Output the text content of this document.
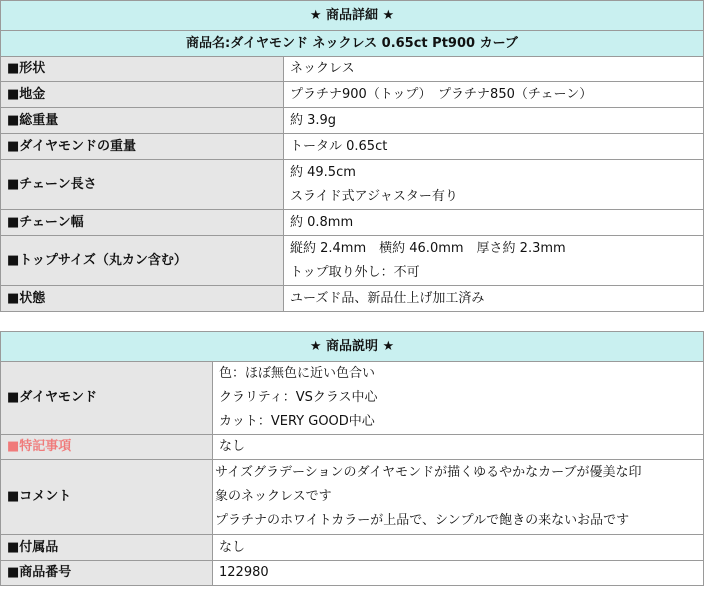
★ 商品詳細 ★	
商品名:ダイヤモンド ネックレス 0.65ct Pt900 カーブ	
■形状	ネックレス
■地金	プラチナ900（トップ）　プラチナ850（チェーン）
■総重量	約 3.9g
■ダイヤモンドの重量	トータル 0.65ct
■チェーン長さ	約 49.5cm
スライド式アジャスター有り

■チェーン幅	約 0.8mm
■トップサイズ（丸カン含む）	縦約 2.4mm　横約 46.0mm　厚さ約 2.3mm
トップ取り外し：不可

■状態	ユーズド品、新品仕上げ加工済み
★ 商品説明 ★	
■ダイヤモンド	色：ほぼ無色に近い色合い
クラリティ：VSクラス中心
カット：VERY GOOD中心

■特記事項	なし
■コメント	サイズグラデーションのダイヤモンドが描くゆるやかなカーブが優美な印
象のネックレスです
プラチナのホワイトカラーが上品で、シンプルで飽きの来ないお品です

■付属品	なし
■商品番号	122980
